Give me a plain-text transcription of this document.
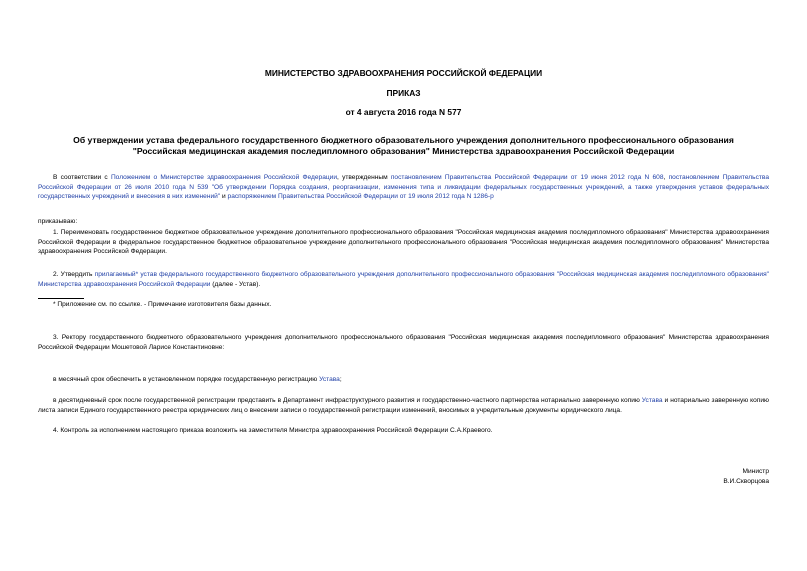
МИНИСТЕРСТВО ЗДРАВООХРАНЕНИЯ РОССИЙСКОЙ ФЕДЕРАЦИИ
ПРИКАЗ
от 4 августа 2016 года N 577
Об утверждении устава федерального государственного бюджетного образовательного учреждения дополнительного профессионального образования
"Российская медицинская академия последипломного образования" Министерства здравоохранения Российской Федерации
В соответствии с Положением о Министерстве здравоохранения Российской Федерации, утвержденным постановлением Правительства Российской Федерации от 19 июня 2012 года N 608, постановлением Правительства Российской Федерации от 26 июля 2010 года N 539 "Об утверждении Порядка создания, реорганизации, изменения типа и ликвидации федеральных государственных учреждений, а также утверждения уставов федеральных государственных учреждений и внесения в них изменений" и распоряжением Правительства Российской Федерации от 19 июля 2012 года N 1286-р
приказываю:
1. Переименовать государственное бюджетное образовательное учреждение дополнительного профессионального образования "Российская медицинская академия последипломного образования" Министерства здравоохранения Российской Федерации в федеральное государственное бюджетное образовательное учреждение дополнительного профессионального образования "Российская медицинская академия последипломного образования" Министерства здравоохранения Российской Федерации.
2. Утвердить прилагаемый* устав федерального государственного бюджетного образовательного учреждения дополнительного профессионального образования "Российская медицинская академия последипломного образования" Министерства здравоохранения Российской Федерации (далее - Устав).
* Приложение см. по ссылке. - Примечание изготовителя базы данных.
3. Ректору государственного бюджетного образовательного учреждения дополнительного профессионального образования "Российская медицинская академия последипломного образования" Министерства здравоохранения Российской Федерации Мошетовой Ларисе Константиновне:
в месячный срок обеспечить в установленном порядке государственную регистрацию Устава;
в десятидневный срок после государственной регистрации представить в Департамент инфраструктурного развития и государственно-частного партнерства нотариально заверенную копию Устава и нотариально заверенную копию листа записи Единого государственного реестра юридических лиц о внесении записи о государственной регистрации изменений, вносимых в учредительные документы юридического лица.
4. Контроль за исполнением настоящего приказа возложить на заместителя Министра здравоохранения Российской Федерации С.А.Краевого.
Министр
В.И.Скворцова
